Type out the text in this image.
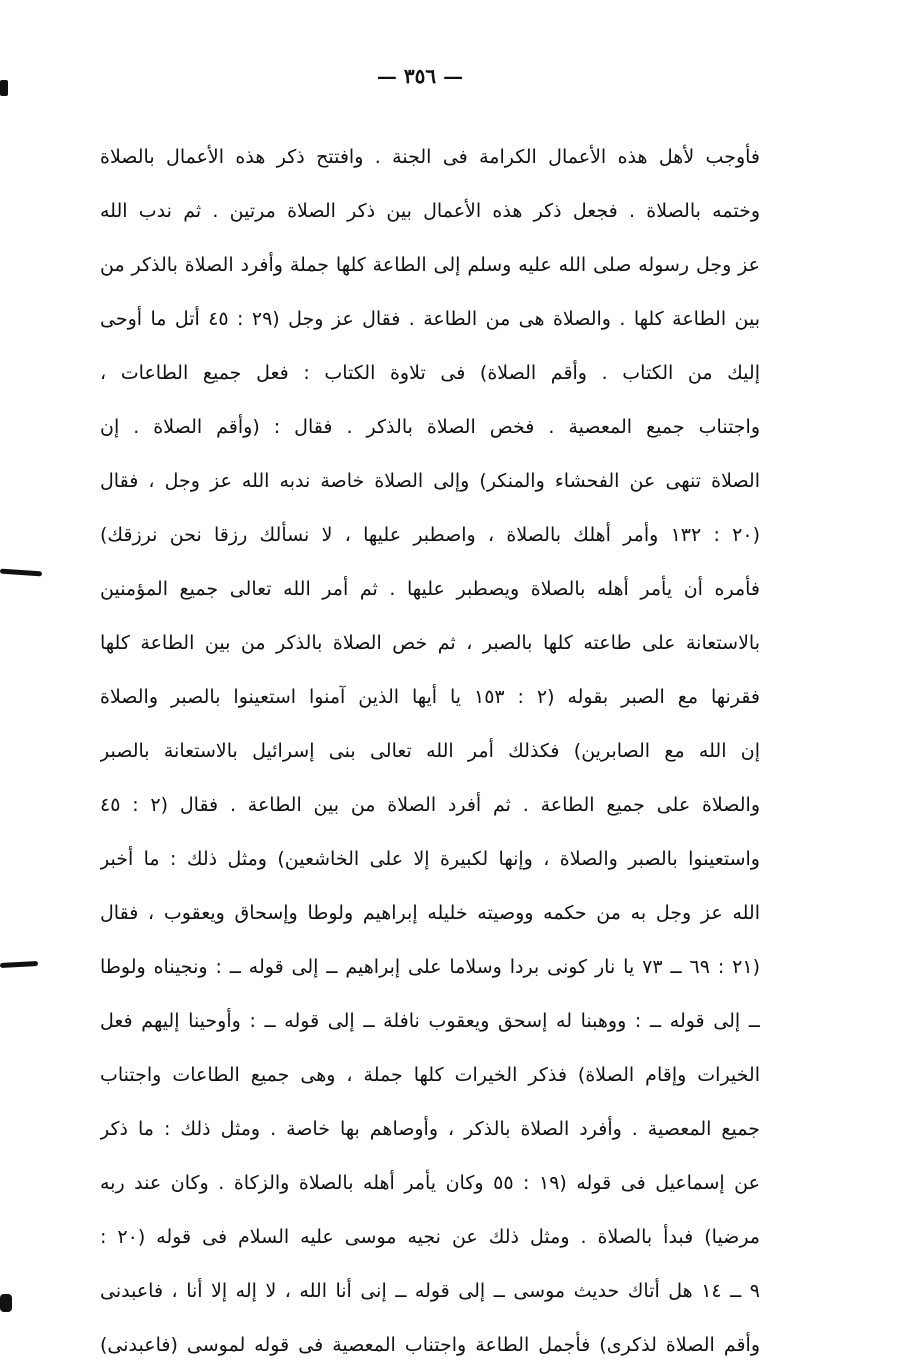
— ٣٥٦ —
فأوجب لأهل هذه الأعمال الكرامة فى الجنة . وافتتح ذكر هذه الأعمال بالصلاة
وختمه بالصلاة . فجعل ذكر هذه الأعمال بين ذكر الصلاة مرتين . ثم ندب الله
عز وجل رسوله صلى الله عليه وسلم إلى الطاعة كلها جملة وأفرد الصلاة بالذكر من
بين الطاعة كلها . والصلاة هى من الطاعة . فقال عز وجل (٢٩ : ٤٥ أتل ما أوحى
إليك من الكتاب . وأقم الصلاة) فى تلاوة الكتاب : فعل جميع الطاعات ،
واجتناب جميع المعصية . فخص الصلاة بالذكر . فقال : (وأقم الصلاة . إن
الصلاة تنهى عن الفحشاء والمنكر) وإلى الصلاة خاصة ندبه الله عز وجل ، فقال
(٢٠ : ١٣٢ وأمر أهلك بالصلاة ، واصطبر عليها ، لا نسألك رزقا نحن نرزقك)
فأمره أن يأمر أهله بالصلاة ويصطبر عليها . ثم أمر الله تعالى جميع المؤمنين
بالاستعانة على طاعته كلها بالصبر ، ثم خص الصلاة بالذكر من بين الطاعة كلها
فقرنها مع الصبر بقوله (٢ : ١٥٣ يا أيها الذين آمنوا استعينوا بالصبر والصلاة
إن الله مع الصابرين) فكذلك أمر الله تعالى بنى إسرائيل بالاستعانة بالصبر
والصلاة على جميع الطاعة . ثم أفرد الصلاة من بين الطاعة . فقال (٢ : ٤٥
واستعينوا بالصبر والصلاة ، وإنها لكبيرة إلا على الخاشعين) ومثل ذلك : ما أخبر
الله عز وجل به من حكمه ووصيته خليله إبراهيم ولوطا وإسحاق ويعقوب ، فقال
(٢١ : ٦٩ ــ ٧٣ يا نار كونى بردا وسلاما على إبراهيم ــ إلى قوله ــ : ونجيناه ولوطا
ــ إلى قوله ــ : ووهبنا له إسحق ويعقوب نافلة ــ إلى قوله ــ : وأوحينا إليهم فعل
الخيرات وإقام الصلاة) فذكر الخيرات كلها جملة ، وهى جميع الطاعات واجتناب
جميع المعصية . وأفرد الصلاة بالذكر ، وأوصاهم بها خاصة . ومثل ذلك : ما ذكر
عن إسماعيل فى قوله (١٩ : ٥٥ وكان يأمر أهله بالصلاة والزكاة . وكان عند ربه
مرضيا) فبدأ بالصلاة . ومثل ذلك عن نجيه موسى عليه السلام فى قوله (٢٠ :
٩ ــ ١٤ هل أتاك حديث موسى ــ إلى قوله ــ إنى أنا الله ، لا إله إلا أنا ، فاعبدنى
وأقم الصلاة لذكرى) فأجمل الطاعة واجتناب المعصية فى قوله لموسى (فاعبدنى)
